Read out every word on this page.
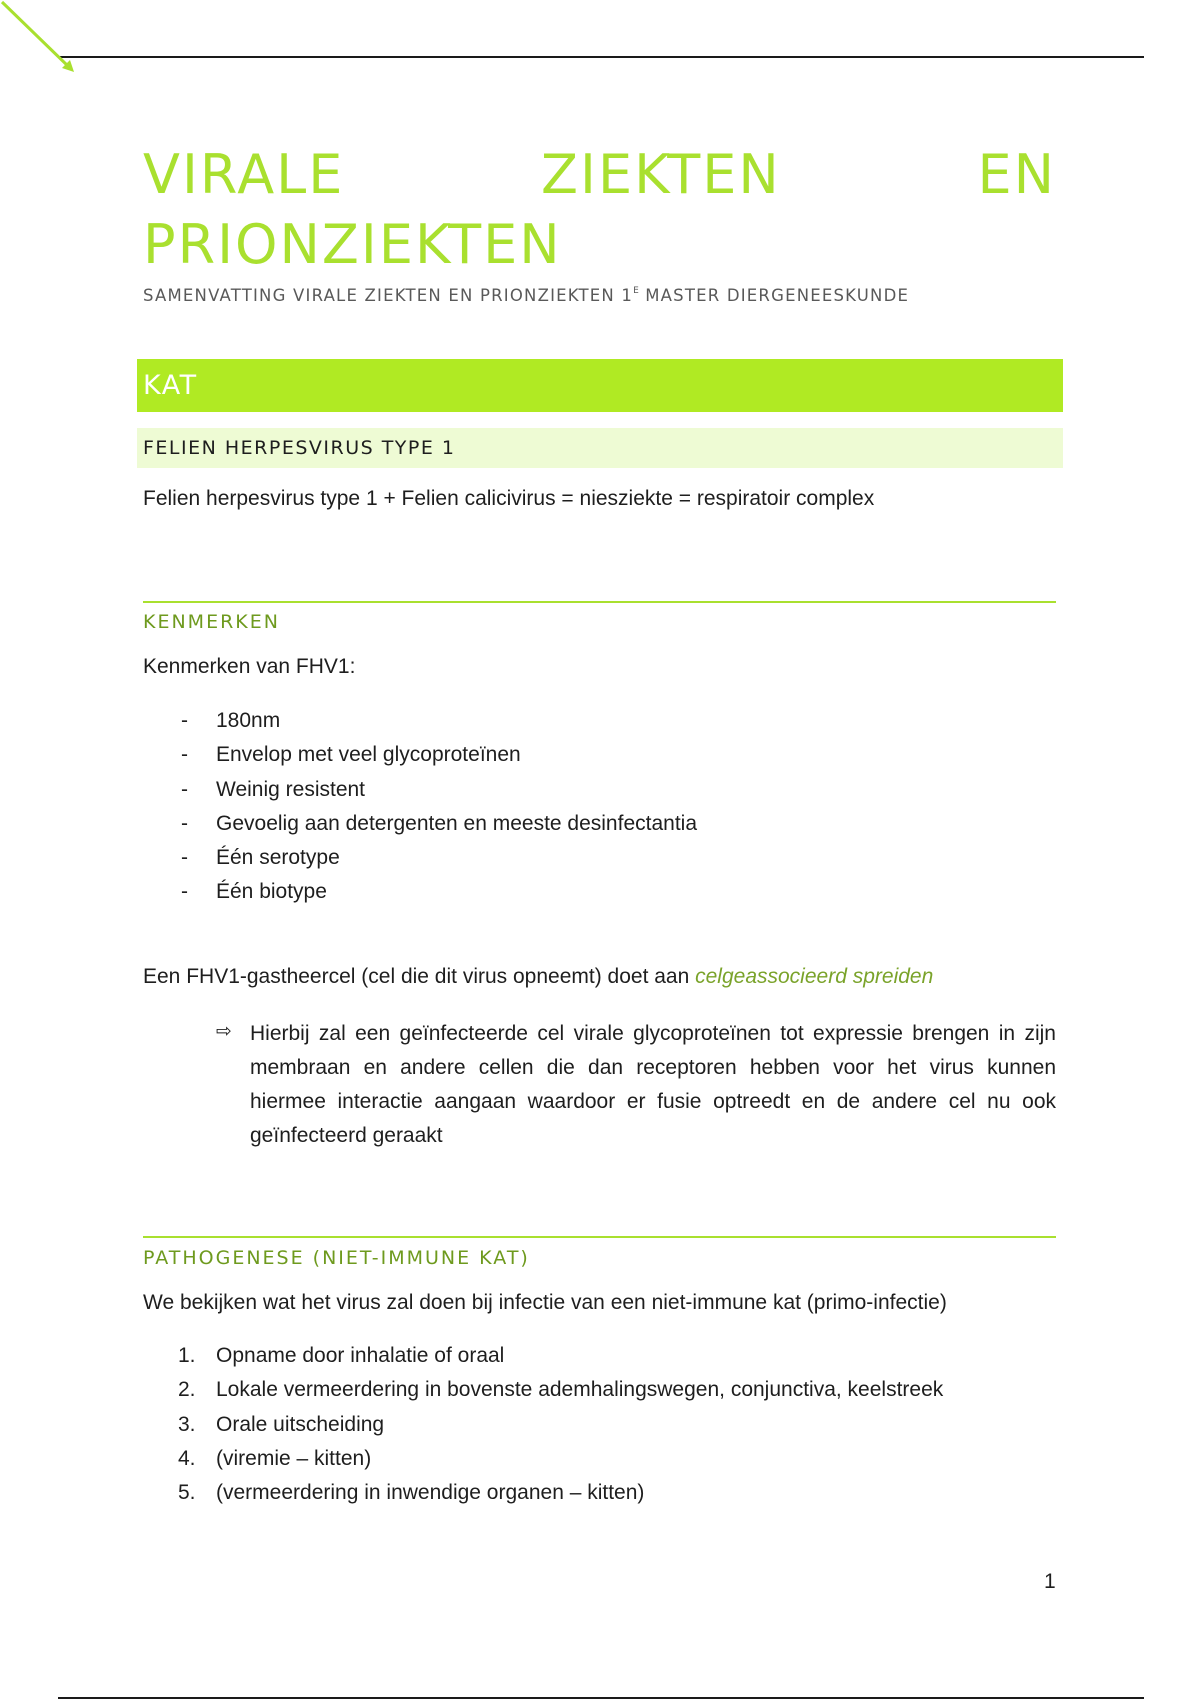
VIRALE ZIEKTEN EN PRIONZIEKTEN
SAMENVATTING VIRALE ZIEKTEN EN PRIONZIEKTEN $1^E$ MASTER DIERGENEESKUNDE
KAT
FELIEN HERPESVIRUS TYPE 1
Felien herpesvirus type 1 + Felien calicivirus = niesziekte = respiratoir complex
KENMERKEN
Kenmerken van FHV1:
- 180nm
- Envelop met veel glycoproteïnen
- Weinig resistent
- Gevoelig aan detergenten en meeste desinfectantia
- Één serotype
- Één biotype
Een FHV1-gastheercel (cel die dit virus opneemt) doet aan celgeassocieerd spreiden
⇨ Hierbij zal een geïnfecteerde cel virale glycoproteïnen tot expressie brengen in zijn membraan en andere cellen die dan receptoren hebben voor het virus kunnen hiermee interactie aangaan waardoor er fusie optreedt en de andere cel nu ook geïnfecteerd geraakt

PATHOGENESE (NIET-IMMUNE KAT)
We bekijken wat het virus zal doen bij infectie van een niet-immune kat (primo-infectie)
1. Opname door inhalatie of oraal
2. Lokale vermeerdering in bovenste ademhalingswegen, conjunctiva, keelstreek
3. Orale uitscheiding
4. (viremie – kitten)
5. (vermeerdering in inwendige organen – kitten)
1
